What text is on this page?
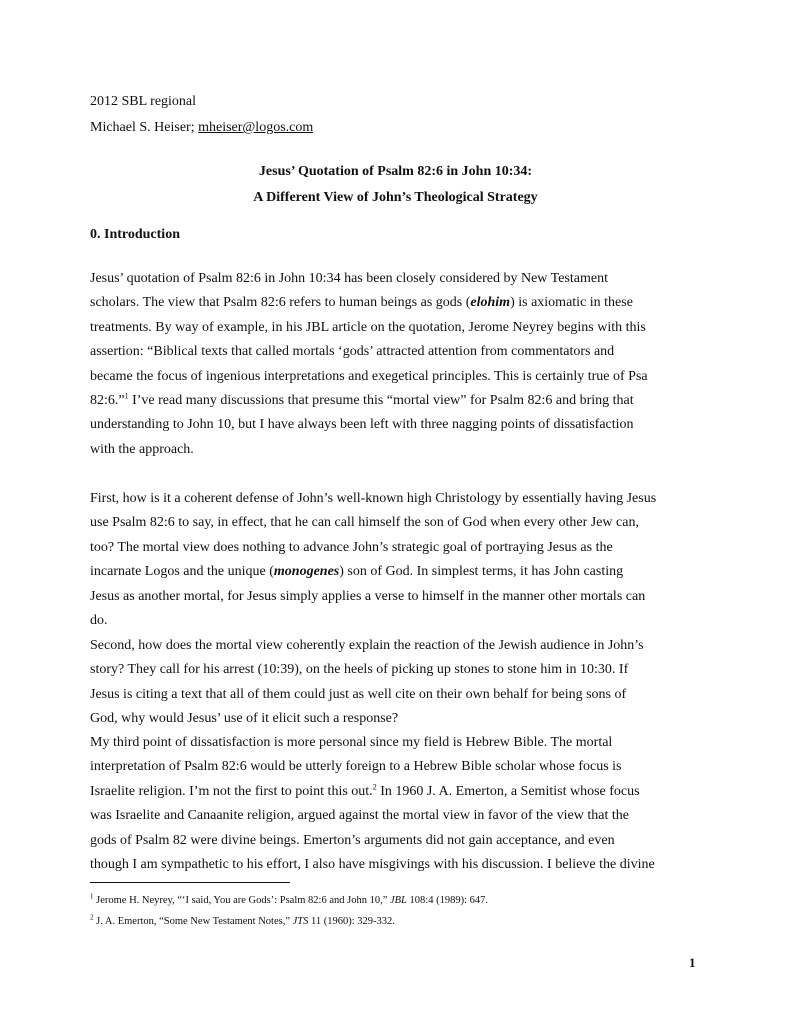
2012 SBL regional
Michael S. Heiser; mheiser@logos.com
Jesus’ Quotation of Psalm 82:6 in John 10:34:
A Different View of John’s Theological Strategy
0. Introduction
Jesus’ quotation of Psalm 82:6 in John 10:34 has been closely considered by New Testament
scholars. The view that Psalm 82:6 refers to human beings as gods (elohim) is axiomatic in these
treatments. By way of example, in his JBL article on the quotation, Jerome Neyrey begins with this
assertion: “Biblical texts that called mortals ‘gods’ attracted attention from commentators and
became the focus of ingenious interpretations and exegetical principles. This is certainly true of Psa
82:6.”$^1$ I’ve read many discussions that presume this “mortal view” for Psalm 82:6 and bring that
understanding to John 10, but I have always been left with three nagging points of dissatisfaction
with the approach.
First, how is it a coherent defense of John’s well-known high Christology by essentially having Jesus
use Psalm 82:6 to say, in effect, that he can call himself the son of God when every other Jew can,
too? The mortal view does nothing to advance John’s strategic goal of portraying Jesus as the
incarnate Logos and the unique (monogenes) son of God. In simplest terms, it has John casting
Jesus as another mortal, for Jesus simply applies a verse to himself in the manner other mortals can
do.
Second, how does the mortal view coherently explain the reaction of the Jewish audience in John’s
story? They call for his arrest (10:39), on the heels of picking up stones to stone him in 10:30. If
Jesus is citing a text that all of them could just as well cite on their own behalf for being sons of
God, why would Jesus’ use of it elicit such a response?
My third point of dissatisfaction is more personal since my field is Hebrew Bible. The mortal
interpretation of Psalm 82:6 would be utterly foreign to a Hebrew Bible scholar whose focus is
Israelite religion. I’m not the first to point this out.$^2$ In 1960 J. A. Emerton, a Semitist whose focus
was Israelite and Canaanite religion, argued against the mortal view in favor of the view that the
gods of Psalm 82 were divine beings. Emerton’s arguments did not gain acceptance, and even
though I am sympathetic to his effort, I also have misgivings with his discussion. I believe the divine
$^1$ Jerome H. Neyrey, “‘I said, You are Gods’: Psalm 82:6 and John 10,” JBL 108:4 (1989): 647.
$^2$ J. A. Emerton, “Some New Testament Notes,” JTS 11 (1960): 329-332.
1
